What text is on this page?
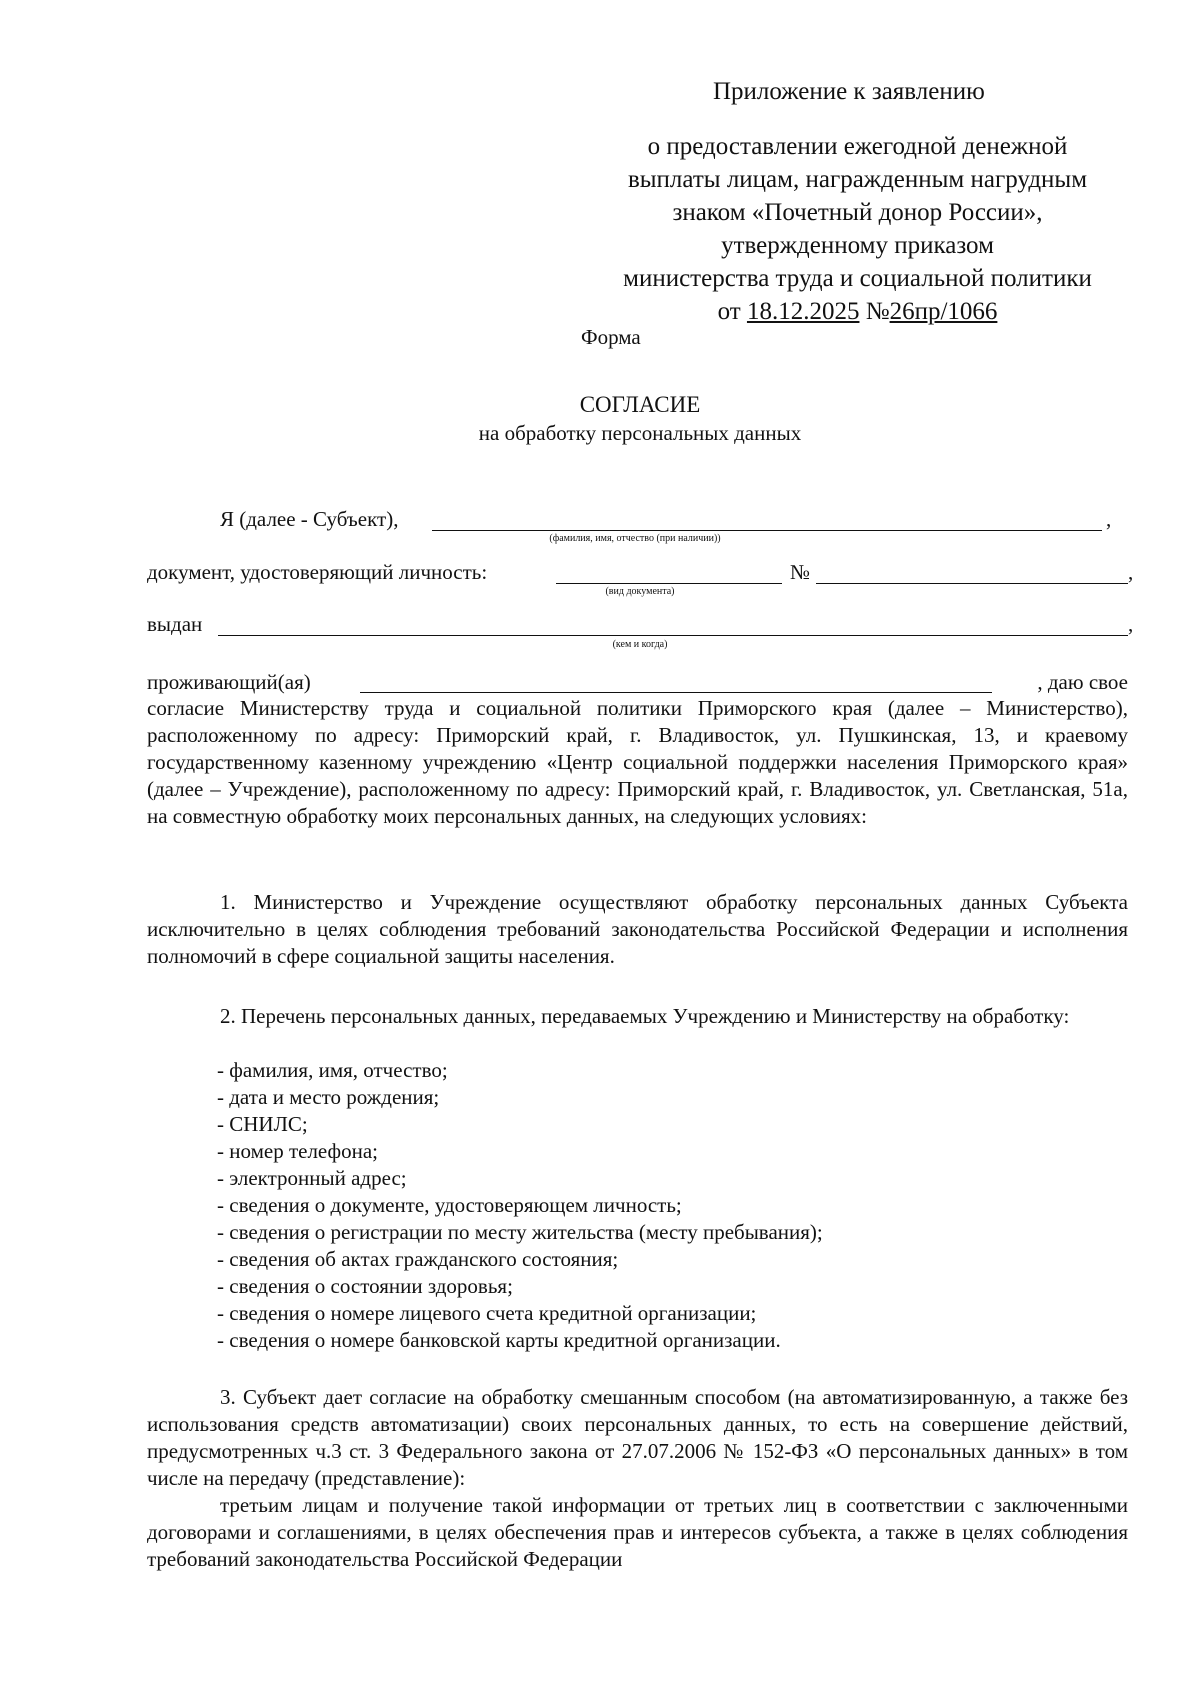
Приложение к заявлению
о предоставлении ежегодной денежной
выплаты лицам, награжденным нагрудным
знаком «Почетный донор России»,
утвержденному приказом
министерства труда и социальной политики
от 18.12.2025 №26пр/1066
Форма
СОГЛАСИЕ
на обработку персональных данных
Я (далее - Субъект),	,
(фамилия, имя, отчество (при наличии))
документ, удостоверяющий личность:	№	,
(вид документа)
выдан	,
(кем и когда)
проживающий(ая)	, даю свое
согласие Министерству труда и социальной политики Приморского края (далее – Министерство), расположенному по адресу: Приморский край, г. Владивосток, ул. Пушкинская, 13, и краевому государственному казенному учреждению «Центр социальной поддержки населения Приморского края» (далее – Учреждение), расположенному по адресу: Приморский край, г. Владивосток, ул. Светланская, 51а, на совместную обработку моих персональных данных, на следующих условиях:
1. Министерство и Учреждение осуществляют обработку персональных данных Субъекта исключительно в целях соблюдения требований законодательства Российской Федерации и исполнения полномочий в сфере социальной защиты населения.
2. Перечень персональных данных, передаваемых Учреждению и Министерству на обработку:
- фамилия, имя, отчество;
- дата и место рождения;
- СНИЛС;
- номер телефона;
- электронный адрес;
- сведения о документе, удостоверяющем личность;
- сведения о регистрации по месту жительства (месту пребывания);
- сведения об актах гражданского состояния;
- сведения о состоянии здоровья;
- сведения о номере лицевого счета кредитной организации;
- сведения о номере банковской карты кредитной организации.
3. Субъект дает согласие на обработку смешанным способом (на автоматизированную, а также без использования средств автоматизации) своих персональных данных, то есть на совершение действий, предусмотренных ч.3 ст. 3 Федерального закона от 27.07.2006 № 152-ФЗ «О персональных данных» в том числе на передачу (представление):
третьим лицам и получение такой информации от третьих лиц в соответствии с заключенными договорами и соглашениями, в целях обеспечения прав и интересов субъекта, а также в целях соблюдения требований законодательства Российской Федерации
